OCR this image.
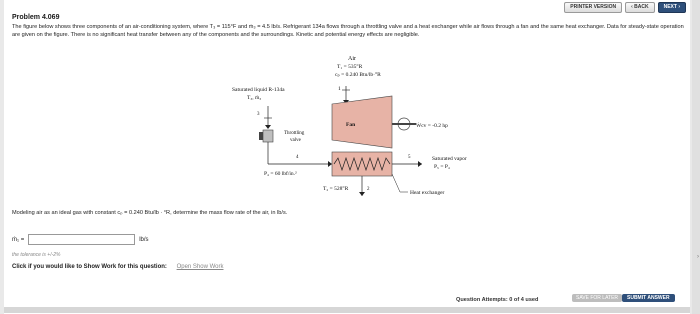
PRINTER VERSION	‹ BACK	NEXT ›
Problem 4.069
The figure below shows three components of an air-conditioning system, where T₃ = 115°F and ṁ₃ = 4.5 lb/s. Refrigerant 134a flows through a throttling valve and a heat exchanger while air flows through a fan and the same heat exchanger. Data for steady-state operation are given on the figure. There is no significant heat transfer between any of the components and the surroundings. Kinetic and potential energy effects are negligible.
Air
T₁ = 535°R
cₚ = 0.240 Btu/lb·°R
1
Fan	Ẇcv = -0.2 hp
Saturated liquid R-134a
T₃, ṁ₃
3
Throttling
valve
4
P₄ = 60 lbf/in.²
5	Saturated vapor
P₅ = P₄
T₂ = 528°R	2
Heat exchanger
Modeling air as an ideal gas with constant cₚ = 0.240 Btu/lb · °R, determine the mass flow rate of the air, in lb/s.
ṁ₁ =	lb/s
the tolerance is +/-2%
Click if you would like to Show Work for this question: Open Show Work
Question Attempts: 0 of 4 used	SAVE FOR LATER	SUBMIT ANSWER
›
